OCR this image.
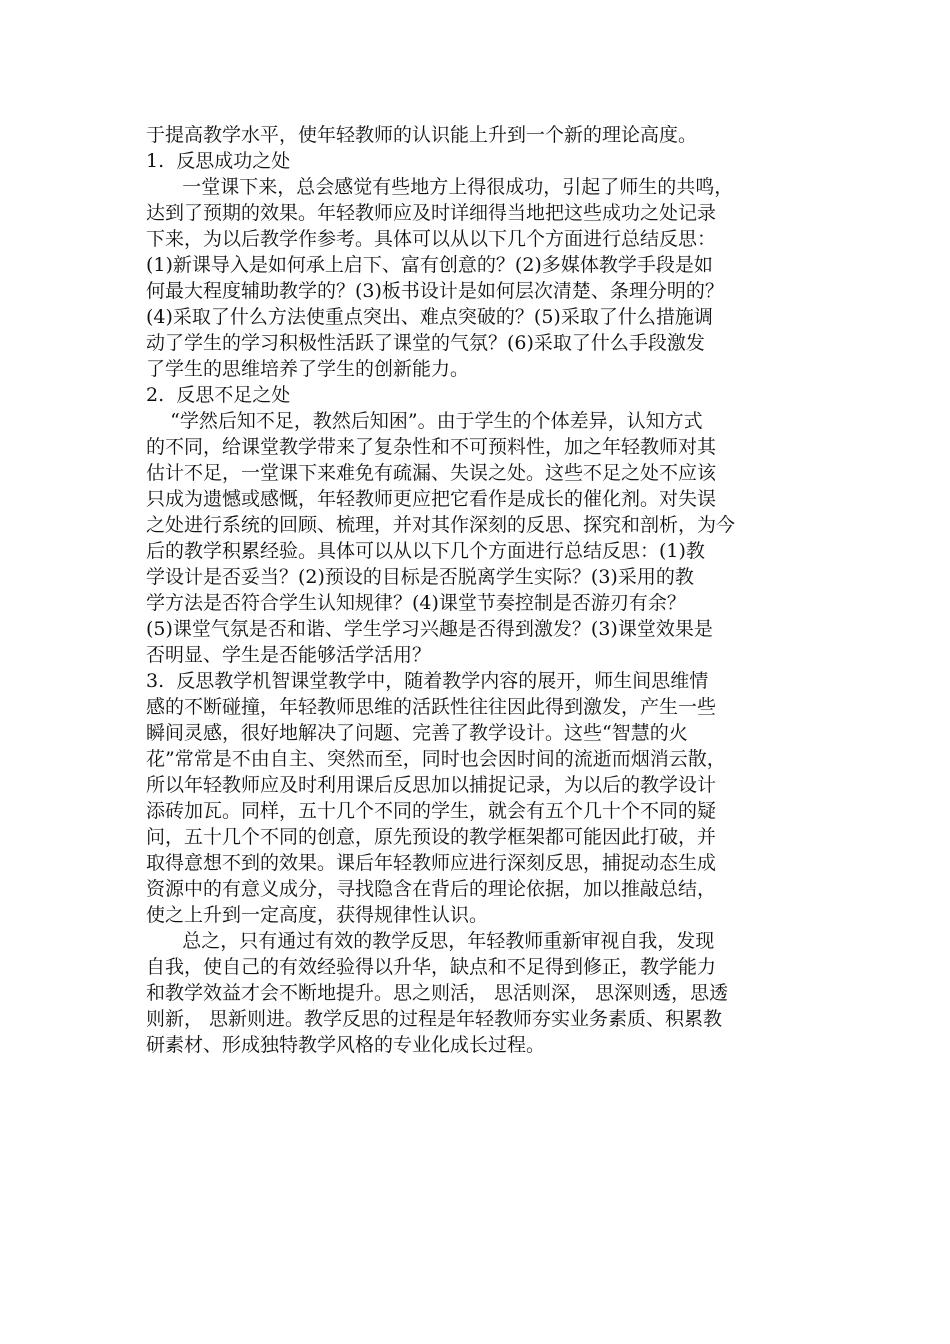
于提高教学水平，使年轻教师的认识能上升到一个新的理论高度。
1.  反思成功之处
一堂课下来，总会感觉有些地方上得很成功，引起了师生的共鸣，
达到了预期的效果。年轻教师应及时详细得当地把这些成功之处记录
下来，为以后教学作参考。具体可以从以下几个方面进行总结反思：
(1)新课导入是如何承上启下、富有创意的？(2)多媒体教学手段是如
何最大程度辅助教学的？(3)板书设计是如何层次清楚、条理分明的？
(4)采取了什么方法使重点突出、难点突破的？(5)采取了什么措施调
动了学生的学习积极性活跃了课堂的气氛？(6)采取了什么手段激发
了学生的思维培养了学生的创新能力。
2.  反思不足之处
“学然后知不足，教然后知困”。由于学生的个体差异，认知方式
的不同，给课堂教学带来了复杂性和不可预料性，加之年轻教师对其
估计不足，一堂课下来难免有疏漏、失误之处。这些不足之处不应该
只成为遗憾或感慨，年轻教师更应把它看作是成长的催化剂。对失误
之处进行系统的回顾、梳理，并对其作深刻的反思、探究和剖析，为今
后的教学积累经验。具体可以从以下几个方面进行总结反思：(1)教
学设计是否妥当？(2)预设的目标是否脱离学生实际？(3)采用的教
学方法是否符合学生认知规律？(4)课堂节奏控制是否游刃有余？
(5)课堂气氛是否和谐、学生学习兴趣是否得到激发？(3)课堂效果是
否明显、学生是否能够活学活用？
3.  反思教学机智课堂教学中，随着教学内容的展开，师生间思维情
感的不断碰撞，年轻教师思维的活跃性往往因此得到激发，产生一些
瞬间灵感，很好地解决了问题、完善了教学设计。这些“智慧的火
花”常常是不由自主、突然而至，同时也会因时间的流逝而烟消云散，
所以年轻教师应及时利用课后反思加以捕捉记录，为以后的教学设计
添砖加瓦。同样，五十几个不同的学生，就会有五个几十个不同的疑
问，五十几个不同的创意，原先预设的教学框架都可能因此打破，并
取得意想不到的效果。课后年轻教师应进行深刻反思，捕捉动态生成
资源中的有意义成分，寻找隐含在背后的理论依据，加以推敲总结，
使之上升到一定高度，获得规律性认识。
总之，只有通过有效的教学反思，年轻教师重新审视自我，发现
自我，使自己的有效经验得以升华，缺点和不足得到修正，教学能力
和教学效益才会不断地提升。思之则活， 思活则深， 思深则透，思透
则新， 思新则进。教学反思的过程是年轻教师夯实业务素质、积累教
研素材、形成独特教学风格的专业化成长过程。
